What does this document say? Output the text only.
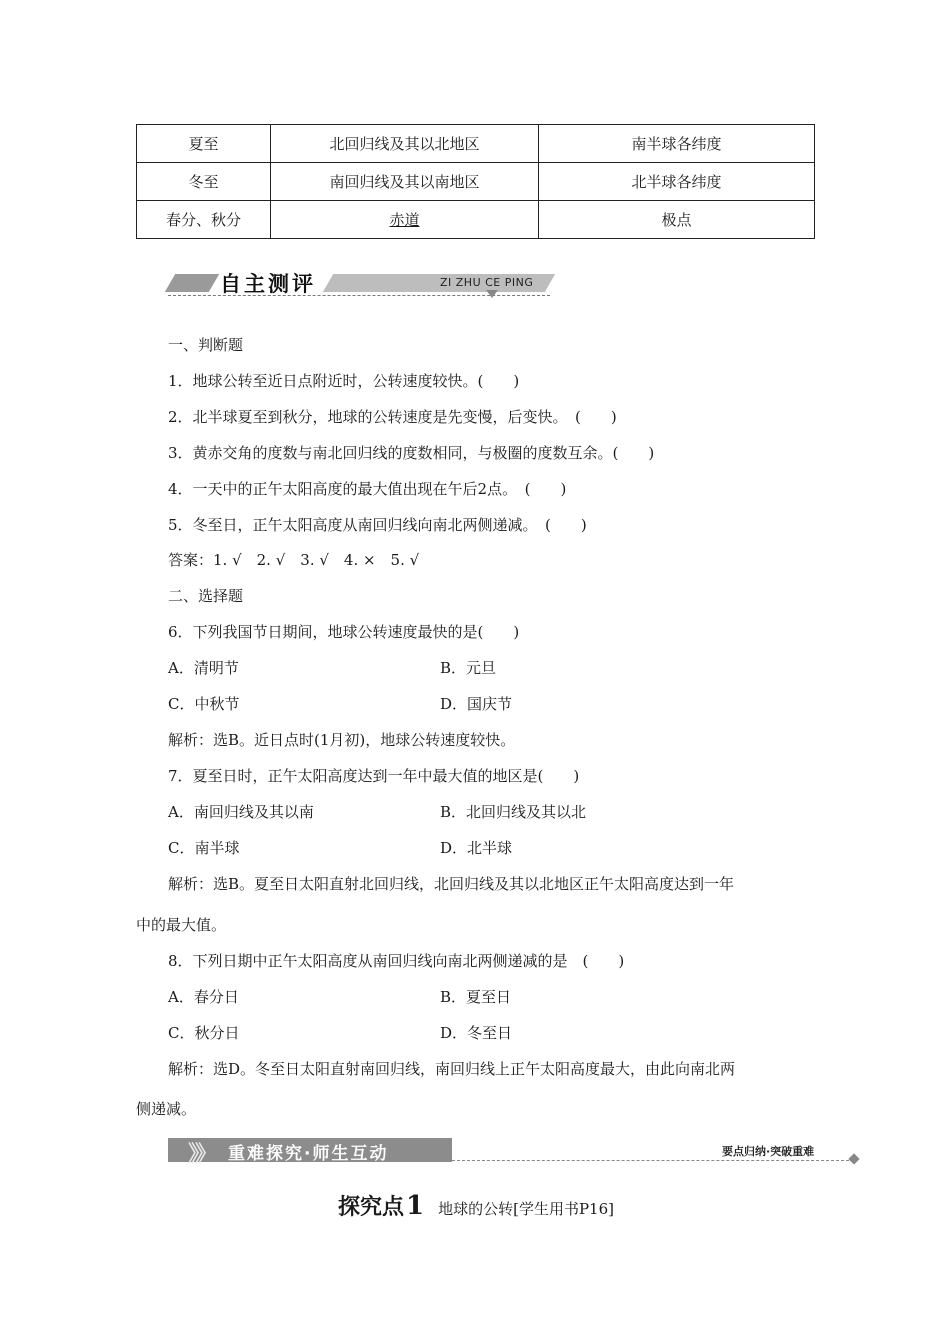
夏至	北回归线及其以北地区	南半球各纬度
冬至	南回归线及其以南地区	北半球各纬度
春分、秋分	赤道	极点
自主测评	ZI ZHU CE PING
一、判断题
1．地球公转至近日点附近时，公转速度较快。(　　)
2．北半球夏至到秋分，地球的公转速度是先变慢，后变快。　(　　)
3．黄赤交角的度数与南北回归线的度数相同，与极圈的度数互余。(　　)
4．一天中的正午太阳高度的最大值出现在午后2点。　(　　)
5．冬至日，正午太阳高度从南回归线向南北两侧递减。　(　　)
答案：1. √　2. √　3. √　4. ×　5. √
二、选择题
6．下列我国节日期间，地球公转速度最快的是(　　)
A．清明节	B．元旦
C．中秋节	D．国庆节
解析：选B。近日点时(1月初)，地球公转速度较快。
7．夏至日时，正午太阳高度达到一年中最大值的地区是(　　)
A．南回归线及其以南	B．北回归线及其以北
C．南半球	D．北半球
解析：选B。夏至日太阳直射北回归线，北回归线及其以北地区正午太阳高度达到一年
中的最大值。
8．下列日期中正午太阳高度从南回归线向南北两侧递减的是　(　　)
A．春分日	B．夏至日
C．秋分日	D．冬至日
解析：选D。冬至日太阳直射南回归线，南回归线上正午太阳高度最大，由此向南北两
侧递减。
》》 重难探究·师生互动	要点归纳·突破重难
探究点1 地球的公转[学生用书P16]
